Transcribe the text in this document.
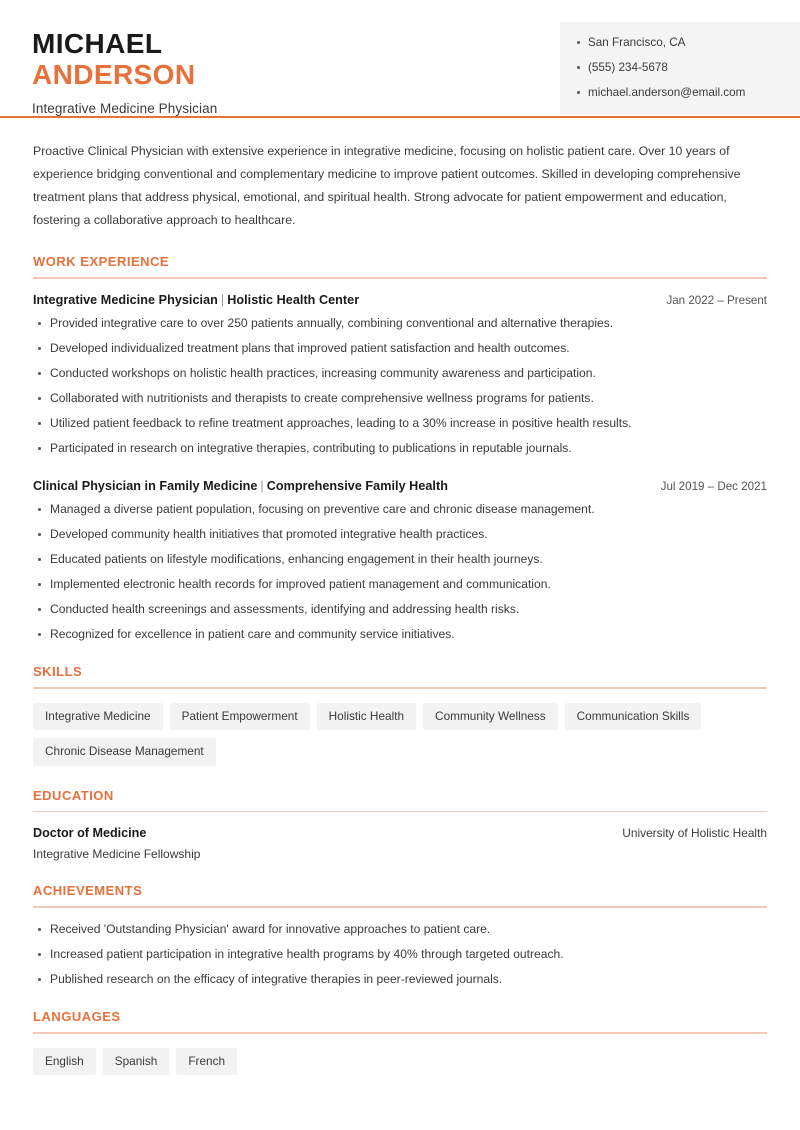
MICHAEL
ANDERSON
Integrative Medicine Physician
San Francisco, CA
(555) 234-5678
michael.anderson@email.com

Proactive Clinical Physician with extensive experience in integrative medicine, focusing on holistic patient care. Over 10 years of experience bridging conventional and complementary medicine to improve patient outcomes. Skilled in developing comprehensive treatment plans that address physical, emotional, and spiritual health. Strong advocate for patient empowerment and education, fostering a collaborative approach to healthcare.

WORK EXPERIENCE
Integrative Medicine Physician | Holistic Health Center	Jan 2022 – Present
Provided integrative care to over 250 patients annually, combining conventional and alternative therapies.
Developed individualized treatment plans that improved patient satisfaction and health outcomes.
Conducted workshops on holistic health practices, increasing community awareness and participation.
Collaborated with nutritionists and therapists to create comprehensive wellness programs for patients.
Utilized patient feedback to refine treatment approaches, leading to a 30% increase in positive health results.
Participated in research on integrative therapies, contributing to publications in reputable journals.
Clinical Physician in Family Medicine | Comprehensive Family Health	Jul 2019 – Dec 2021
Managed a diverse patient population, focusing on preventive care and chronic disease management.
Developed community health initiatives that promoted integrative health practices.
Educated patients on lifestyle modifications, enhancing engagement in their health journeys.
Implemented electronic health records for improved patient management and communication.
Conducted health screenings and assessments, identifying and addressing health risks.
Recognized for excellence in patient care and community service initiatives.
SKILLS
Integrative Medicine	Patient Empowerment	Holistic Health	Community Wellness	Communication Skills
Chronic Disease Management
EDUCATION
Doctor of Medicine	University of Holistic Health
Integrative Medicine Fellowship
ACHIEVEMENTS
Received 'Outstanding Physician' award for innovative approaches to patient care.
Increased patient participation in integrative health programs by 40% through targeted outreach.
Published research on the efficacy of integrative therapies in peer-reviewed journals.
LANGUAGES
English	Spanish	French
